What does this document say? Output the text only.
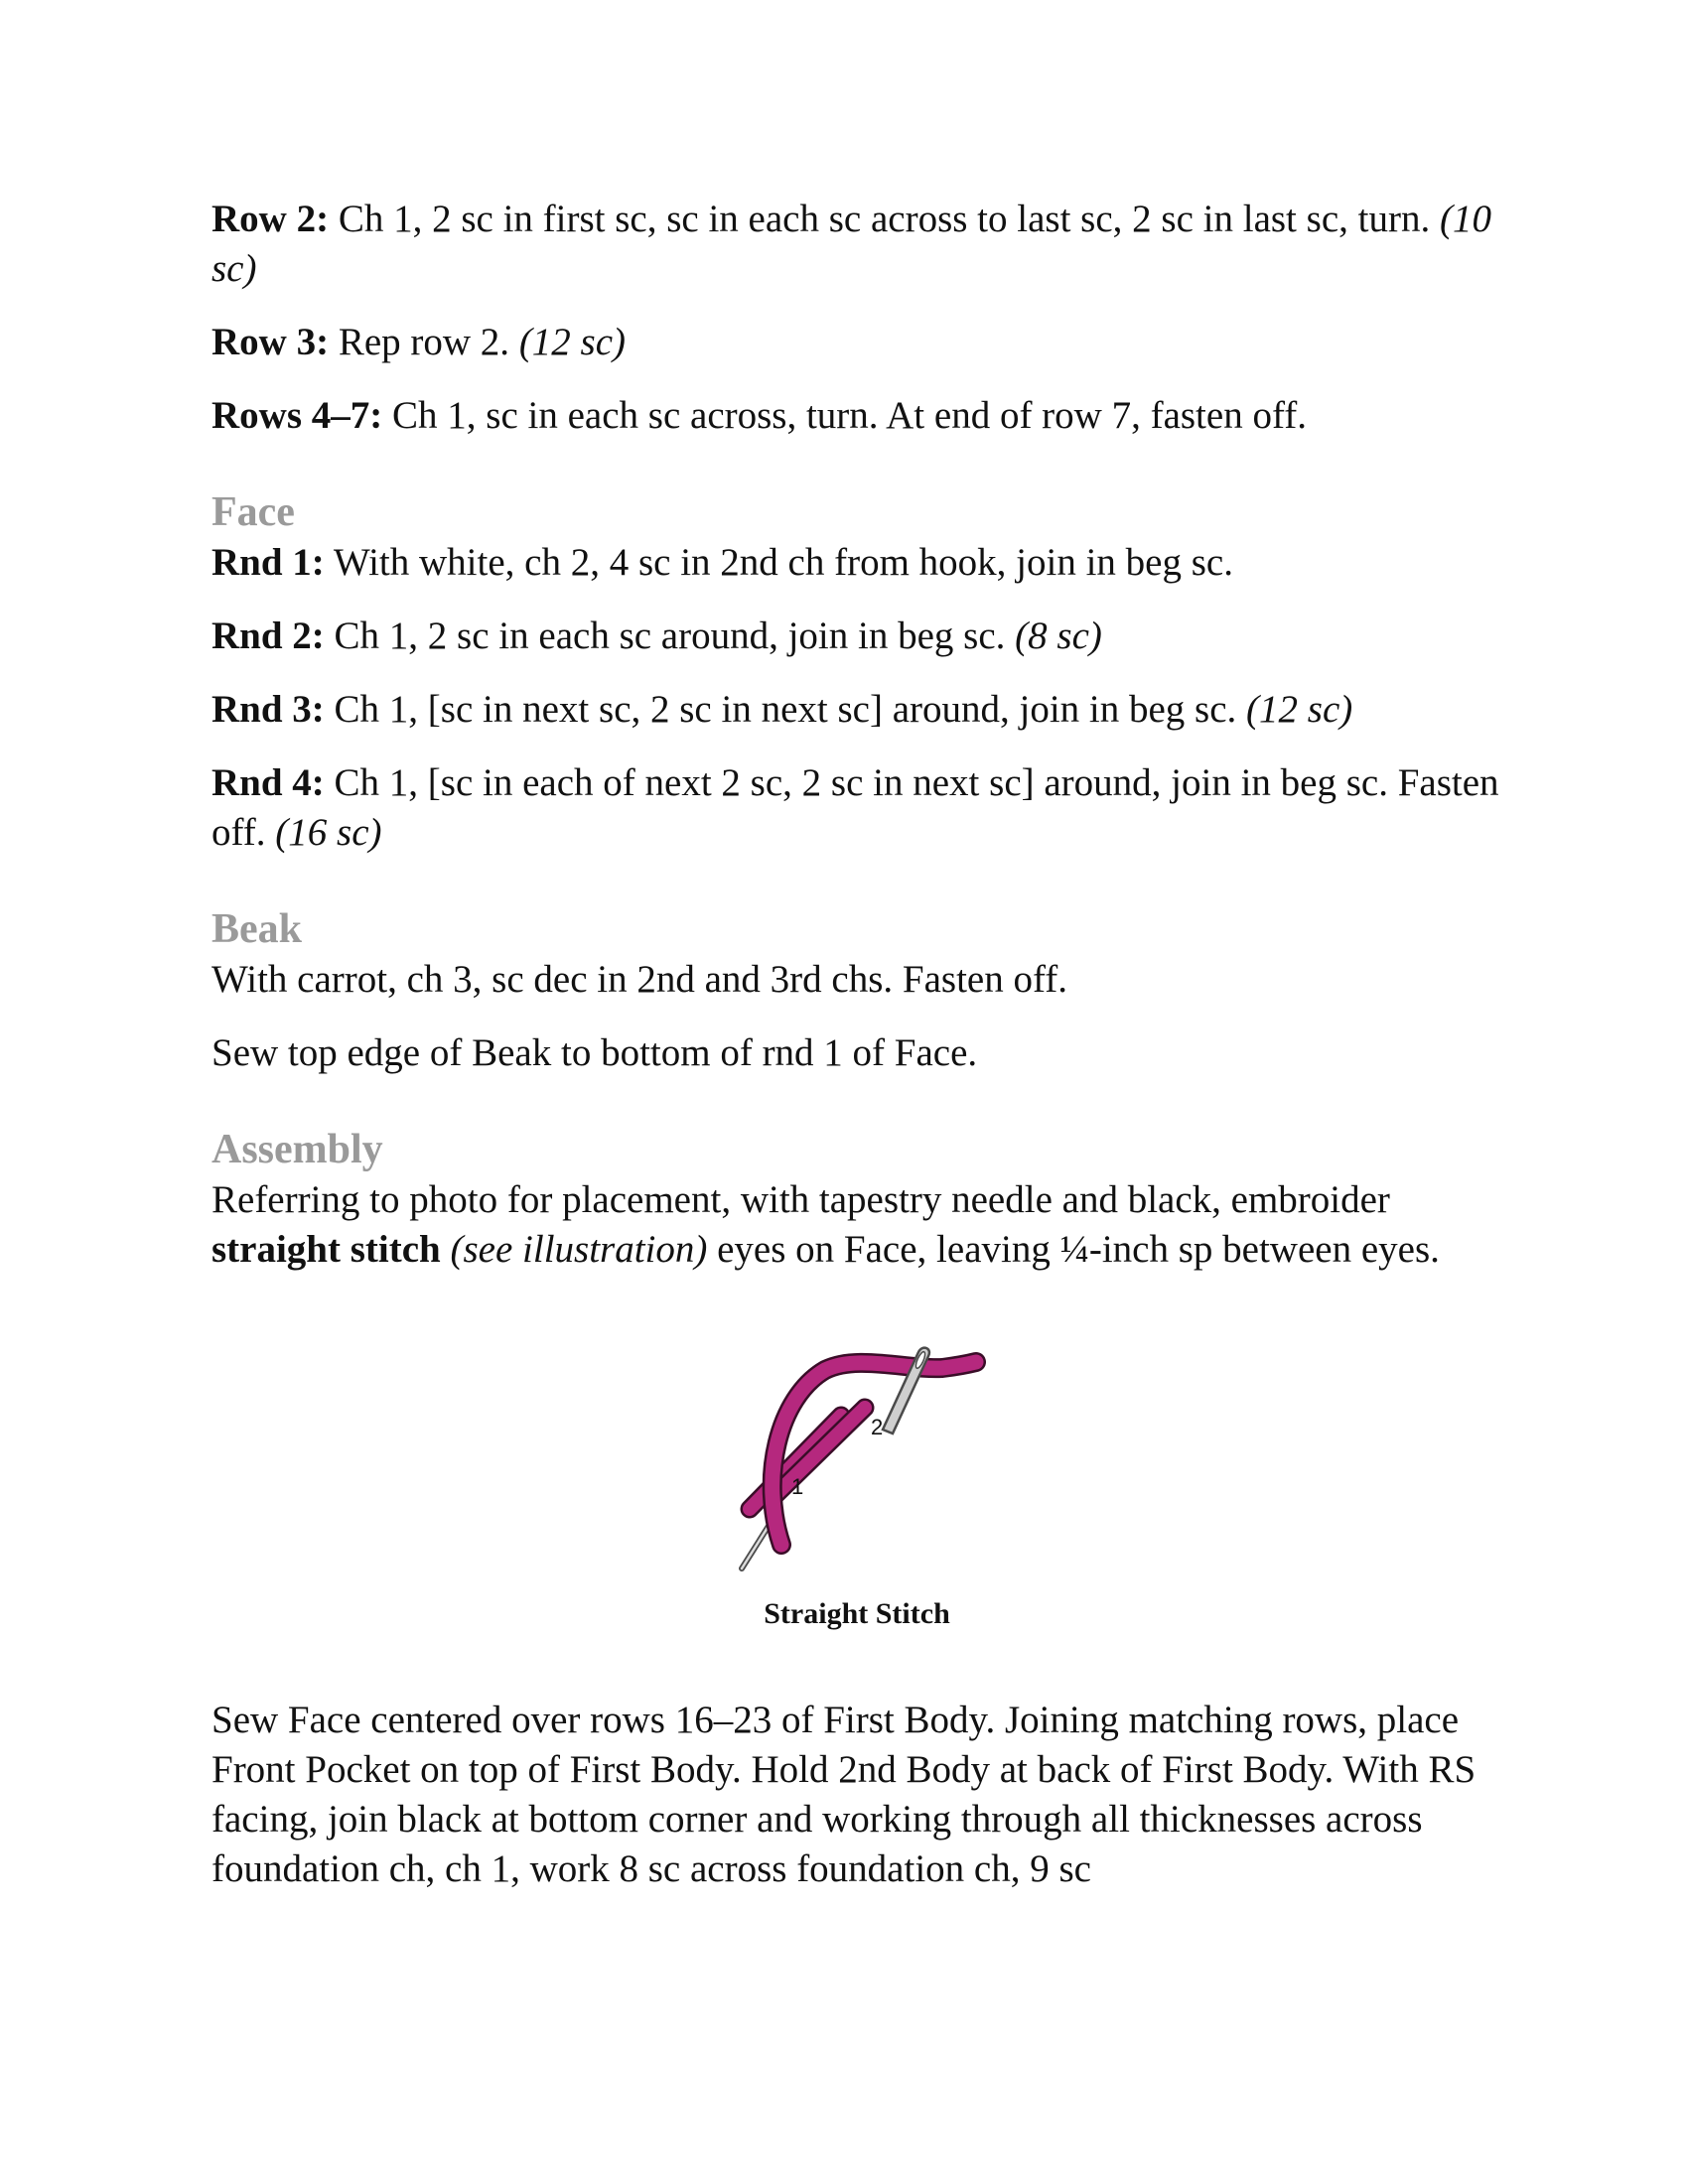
Row 2: Ch 1, 2 sc in first sc, sc in each sc across to last sc, 2 sc in last sc, turn. (10 sc)

Row 3: Rep row 2. (12 sc)

Rows 4–7: Ch 1, sc in each sc across, turn. At end of row 7, fasten off.

Face

Rnd 1: With white, ch 2, 4 sc in 2nd ch from hook, join in beg sc.

Rnd 2: Ch 1, 2 sc in each sc around, join in beg sc. (8 sc)

Rnd 3: Ch 1, [sc in next sc, 2 sc in next sc] around, join in beg sc. (12 sc)

Rnd 4: Ch 1, [sc in each of next 2 sc, 2 sc in next sc] around, join in beg sc. Fasten off. (16 sc)

Beak

With carrot, ch 3, sc dec in 2nd and 3rd chs. Fasten off.

Sew top edge of Beak to bottom of rnd 1 of Face.

Assembly

Referring to photo for placement, with tapestry needle and black, embroider straight stitch (see illustration) eyes on Face, leaving ¼-inch sp between eyes.

2
1
Straight Stitch

Sew Face centered over rows 16–23 of First Body. Joining matching rows, place Front Pocket on top of First Body. Hold 2nd Body at back of First Body. With RS facing, join black at bottom corner and working through all thicknesses across foundation ch, ch 1, work 8 sc across foundation ch, 9 sc
